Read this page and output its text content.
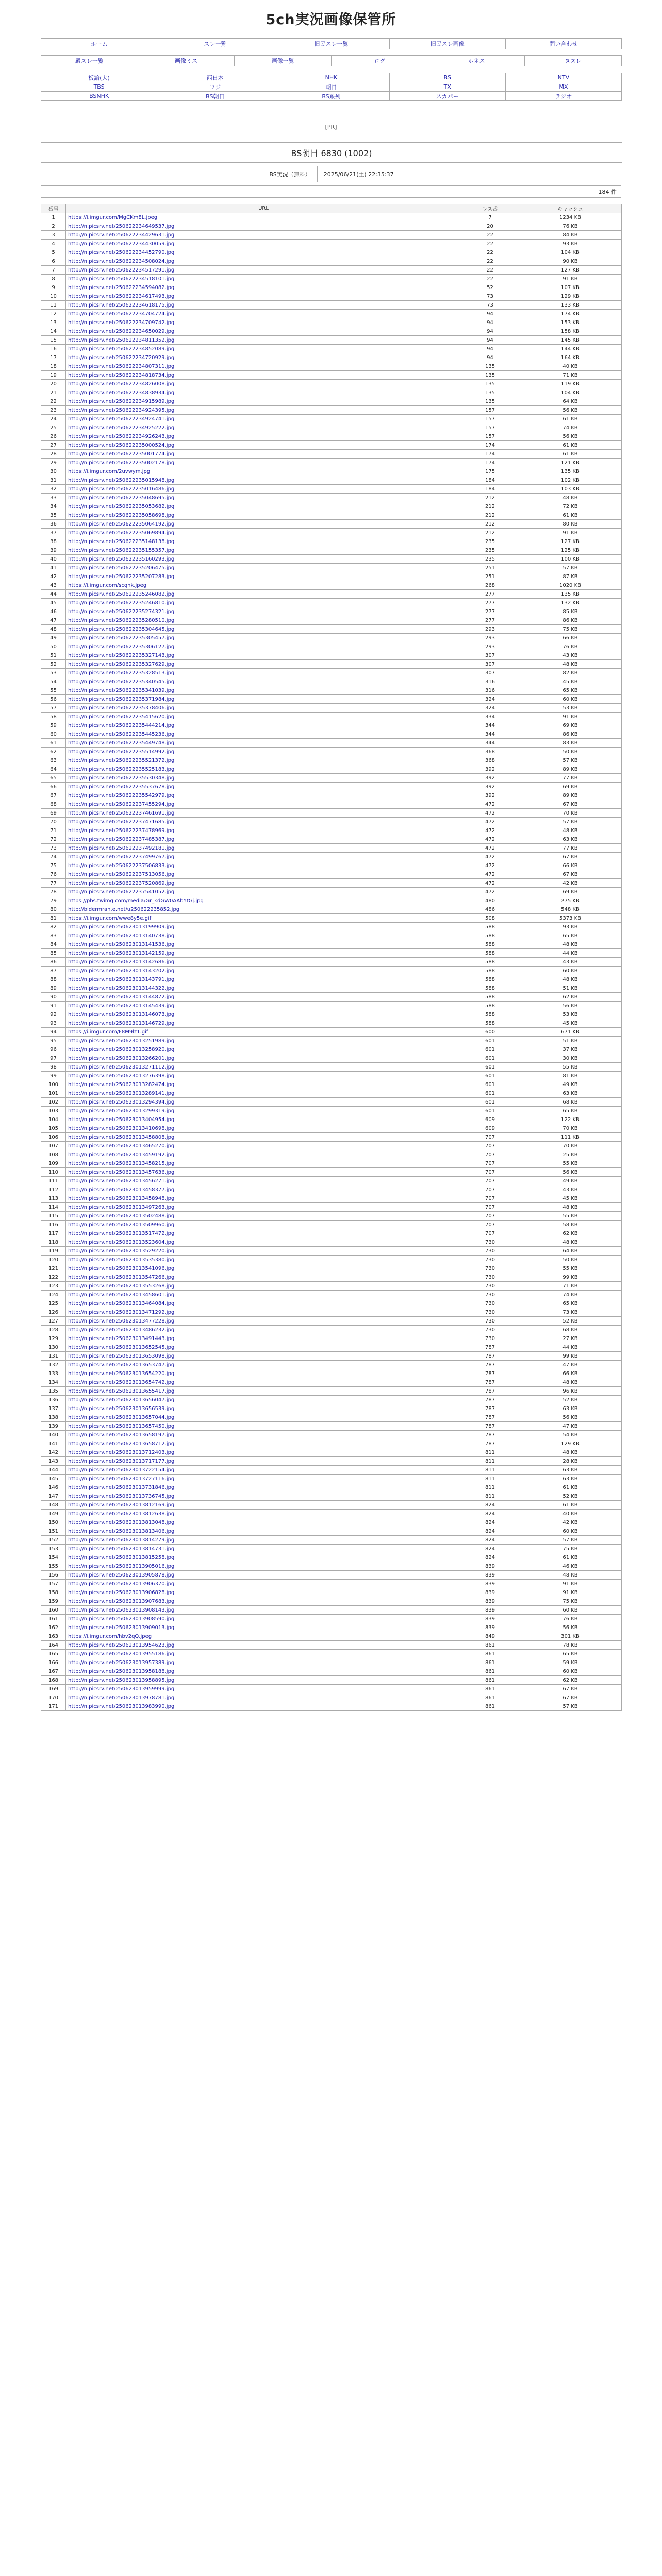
5ch実況画像保管所
ホーム	スレ一覧	旧民スレ一覧	旧民スレ画像	問い合わせ
殿スレ一覧	画像ミス	画像一覧	ログ	ホネス	ヌスレ
板論(大)	西日本	NHK	BS	NTV
TBS	フジ	朝日	TX	MX
BSNHK	BS朝日	BS系列	スカパー	ラジオ
[PR]
BS朝日 6830 (1002)
BS実況（無料） 2025/06/21(土) 22:35:37
184 件
番号	URL	レス番	キャッシュ
1	https://i.imgur.com/MgCKm8L.jpeg	7	1234 KB
2	http://n.picsrv.net/250622234649537.jpg	20	76 KB
3	http://n.picsrv.net/250622234429631.jpg	22	84 KB
4	http://n.picsrv.net/250622234430059.jpg	22	93 KB
5	http://n.picsrv.net/250622234452790.jpg	22	104 KB
6	http://n.picsrv.net/250622234508024.jpg	22	90 KB
7	http://n.picsrv.net/250622234517291.jpg	22	127 KB
8	http://n.picsrv.net/250622234518101.jpg	22	91 KB
9	http://n.picsrv.net/250622234594082.jpg	52	107 KB
10	http://n.picsrv.net/250622234617493.jpg	73	129 KB
11	http://n.picsrv.net/250622234618175.jpg	73	133 KB
12	http://n.picsrv.net/250622234704724.jpg	94	174 KB
13	http://n.picsrv.net/250622234709742.jpg	94	153 KB
14	http://n.picsrv.net/250622234650029.jpg	94	158 KB
15	http://n.picsrv.net/250622234811352.jpg	94	145 KB
16	http://n.picsrv.net/250622234852089.jpg	94	144 KB
17	http://n.picsrv.net/250622234720929.jpg	94	164 KB
18	http://n.picsrv.net/250622234807311.jpg	135	40 KB
19	http://n.picsrv.net/250622234818734.jpg	135	71 KB
20	http://n.picsrv.net/250622234826008.jpg	135	119 KB
21	http://n.picsrv.net/250622234838934.jpg	135	104 KB
22	http://n.picsrv.net/250622234915989.jpg	135	64 KB
23	http://n.picsrv.net/250622234924395.jpg	157	56 KB
24	http://n.picsrv.net/250622234924741.jpg	157	61 KB
25	http://n.picsrv.net/250622234925222.jpg	157	74 KB
26	http://n.picsrv.net/250622234926243.jpg	157	56 KB
27	http://n.picsrv.net/250622235000524.jpg	174	61 KB
28	http://n.picsrv.net/250622235001774.jpg	174	61 KB
29	http://n.picsrv.net/250622235002178.jpg	174	121 KB
30	https://i.imgur.com/2uvwym.jpg	175	135 KB
31	http://n.picsrv.net/250622235015948.jpg	184	102 KB
32	http://n.picsrv.net/250622235016486.jpg	184	103 KB
33	http://n.picsrv.net/250622235048695.jpg	212	48 KB
34	http://n.picsrv.net/250622235053682.jpg	212	72 KB
35	http://n.picsrv.net/250622235058698.jpg	212	61 KB
36	http://n.picsrv.net/250622235064192.jpg	212	80 KB
37	http://n.picsrv.net/250622235069894.jpg	212	91 KB
38	http://n.picsrv.net/250622235148138.jpg	235	127 KB
39	http://n.picsrv.net/250622235155357.jpg	235	125 KB
40	http://n.picsrv.net/250622235160293.jpg	235	100 KB
41	http://n.picsrv.net/250622235206475.jpg	251	57 KB
42	http://n.picsrv.net/250622235207283.jpg	251	87 KB
43	https://i.imgur.com/scqhk.jpeg	268	1020 KB
44	http://n.picsrv.net/250622235246082.jpg	277	135 KB
45	http://n.picsrv.net/250622235246810.jpg	277	132 KB
46	http://n.picsrv.net/250622235274321.jpg	277	85 KB
47	http://n.picsrv.net/250622235280510.jpg	277	86 KB
48	http://n.picsrv.net/250622235304645.jpg	293	75 KB
49	http://n.picsrv.net/250622235305457.jpg	293	66 KB
50	http://n.picsrv.net/250622235306127.jpg	293	76 KB
51	http://n.picsrv.net/250622235327143.jpg	307	43 KB
52	http://n.picsrv.net/250622235327629.jpg	307	48 KB
53	http://n.picsrv.net/250622235328513.jpg	307	82 KB
54	http://n.picsrv.net/250622235340545.jpg	316	45 KB
55	http://n.picsrv.net/250622235341039.jpg	316	65 KB
56	http://n.picsrv.net/250622235371984.jpg	324	60 KB
57	http://n.picsrv.net/250622235378406.jpg	324	53 KB
58	http://n.picsrv.net/250622235415620.jpg	334	91 KB
59	http://n.picsrv.net/250622235444214.jpg	344	69 KB
60	http://n.picsrv.net/250622235445236.jpg	344	86 KB
61	http://n.picsrv.net/250622235449748.jpg	344	83 KB
62	http://n.picsrv.net/250622235514992.jpg	368	50 KB
63	http://n.picsrv.net/250622235521372.jpg	368	57 KB
64	http://n.picsrv.net/250622235525183.jpg	392	89 KB
65	http://n.picsrv.net/250622235530348.jpg	392	77 KB
66	http://n.picsrv.net/250622235537678.jpg	392	69 KB
67	http://n.picsrv.net/250622235542979.jpg	392	89 KB
68	http://n.picsrv.net/250622237455294.jpg	472	67 KB
69	http://n.picsrv.net/250622237461691.jpg	472	70 KB
70	http://n.picsrv.net/250622237471685.jpg	472	57 KB
71	http://n.picsrv.net/250622237478969.jpg	472	48 KB
72	http://n.picsrv.net/250622237485387.jpg	472	63 KB
73	http://n.picsrv.net/250622237492181.jpg	472	77 KB
74	http://n.picsrv.net/250622237499767.jpg	472	67 KB
75	http://n.picsrv.net/250622237506833.jpg	472	66 KB
76	http://n.picsrv.net/250622237513056.jpg	472	67 KB
77	http://n.picsrv.net/250622237520869.jpg	472	42 KB
78	http://n.picsrv.net/250622237541052.jpg	472	69 KB
79	https://pbs.twimg.com/media/Gr_kdGW0AAbYtGj.jpg	480	275 KB
80	http://bidermran.e.net/u250622235852.jpg	486	548 KB
81	https://i.imgur.com/wwe8y5e.gif	508	5373 KB
82	http://n.picsrv.net/250623013199909.jpg	588	93 KB
83	http://n.picsrv.net/250623013140738.jpg	588	65 KB
84	http://n.picsrv.net/250623013141536.jpg	588	48 KB
85	http://n.picsrv.net/250623013142159.jpg	588	44 KB
86	http://n.picsrv.net/250623013142686.jpg	588	43 KB
87	http://n.picsrv.net/250623013143202.jpg	588	60 KB
88	http://n.picsrv.net/250623013143791.jpg	588	48 KB
89	http://n.picsrv.net/250623013144322.jpg	588	51 KB
90	http://n.picsrv.net/250623013144872.jpg	588	62 KB
91	http://n.picsrv.net/250623013145439.jpg	588	56 KB
92	http://n.picsrv.net/250623013146073.jpg	588	53 KB
93	http://n.picsrv.net/250623013146729.jpg	588	45 KB
94	https://i.imgur.com/F8M9lz1.gif	600	671 KB
95	http://n.picsrv.net/250623013251989.jpg	601	51 KB
96	http://n.picsrv.net/250623013258920.jpg	601	37 KB
97	http://n.picsrv.net/250623013266201.jpg	601	30 KB
98	http://n.picsrv.net/250623013271112.jpg	601	55 KB
99	http://n.picsrv.net/250623013276398.jpg	601	81 KB
100	http://n.picsrv.net/250623013282474.jpg	601	49 KB
101	http://n.picsrv.net/250623013289141.jpg	601	63 KB
102	http://n.picsrv.net/250623013294394.jpg	601	68 KB
103	http://n.picsrv.net/250623013299319.jpg	601	65 KB
104	http://n.picsrv.net/250623013404954.jpg	609	122 KB
105	http://n.picsrv.net/250623013410698.jpg	609	70 KB
106	http://n.picsrv.net/250623013458808.jpg	707	111 KB
107	http://n.picsrv.net/250623013465270.jpg	707	70 KB
108	http://n.picsrv.net/250623013459192.jpg	707	25 KB
109	http://n.picsrv.net/250623013458215.jpg	707	55 KB
110	http://n.picsrv.net/250623013457636.jpg	707	56 KB
111	http://n.picsrv.net/250623013456271.jpg	707	49 KB
112	http://n.picsrv.net/250623013458377.jpg	707	43 KB
113	http://n.picsrv.net/250623013458948.jpg	707	45 KB
114	http://n.picsrv.net/250623013497263.jpg	707	48 KB
115	http://n.picsrv.net/250623013502488.jpg	707	55 KB
116	http://n.picsrv.net/250623013509960.jpg	707	58 KB
117	http://n.picsrv.net/250623013517472.jpg	707	62 KB
118	http://n.picsrv.net/250623013523604.jpg	730	48 KB
119	http://n.picsrv.net/250623013529220.jpg	730	64 KB
120	http://n.picsrv.net/250623013535380.jpg	730	50 KB
121	http://n.picsrv.net/250623013541096.jpg	730	55 KB
122	http://n.picsrv.net/250623013547266.jpg	730	99 KB
123	http://n.picsrv.net/250623013553268.jpg	730	71 KB
124	http://n.picsrv.net/250623013458601.jpg	730	74 KB
125	http://n.picsrv.net/250623013464084.jpg	730	65 KB
126	http://n.picsrv.net/250623013471292.jpg	730	73 KB
127	http://n.picsrv.net/250623013477228.jpg	730	52 KB
128	http://n.picsrv.net/250623013486232.jpg	730	68 KB
129	http://n.picsrv.net/250623013491443.jpg	730	27 KB
130	http://n.picsrv.net/250623013652545.jpg	787	44 KB
131	http://n.picsrv.net/250623013653098.jpg	787	99 KB
132	http://n.picsrv.net/250623013653747.jpg	787	47 KB
133	http://n.picsrv.net/250623013654220.jpg	787	66 KB
134	http://n.picsrv.net/250623013654742.jpg	787	48 KB
135	http://n.picsrv.net/250623013655417.jpg	787	96 KB
136	http://n.picsrv.net/250623013656047.jpg	787	52 KB
137	http://n.picsrv.net/250623013656539.jpg	787	63 KB
138	http://n.picsrv.net/250623013657044.jpg	787	56 KB
139	http://n.picsrv.net/250623013657450.jpg	787	47 KB
140	http://n.picsrv.net/250623013658197.jpg	787	54 KB
141	http://n.picsrv.net/250623013658712.jpg	787	129 KB
142	http://n.picsrv.net/250623013712403.jpg	811	48 KB
143	http://n.picsrv.net/250623013717177.jpg	811	28 KB
144	http://n.picsrv.net/250623013722154.jpg	811	63 KB
145	http://n.picsrv.net/250623013727116.jpg	811	63 KB
146	http://n.picsrv.net/250623013731846.jpg	811	61 KB
147	http://n.picsrv.net/250623013736745.jpg	811	52 KB
148	http://n.picsrv.net/250623013812169.jpg	824	61 KB
149	http://n.picsrv.net/250623013812638.jpg	824	40 KB
150	http://n.picsrv.net/250623013813048.jpg	824	42 KB
151	http://n.picsrv.net/250623013813406.jpg	824	60 KB
152	http://n.picsrv.net/250623013814279.jpg	824	57 KB
153	http://n.picsrv.net/250623013814731.jpg	824	75 KB
154	http://n.picsrv.net/250623013815258.jpg	824	61 KB
155	http://n.picsrv.net/250623013905016.jpg	839	46 KB
156	http://n.picsrv.net/250623013905878.jpg	839	48 KB
157	http://n.picsrv.net/250623013906370.jpg	839	91 KB
158	http://n.picsrv.net/250623013906828.jpg	839	91 KB
159	http://n.picsrv.net/250623013907683.jpg	839	75 KB
160	http://n.picsrv.net/250623013908143.jpg	839	60 KB
161	http://n.picsrv.net/250623013908590.jpg	839	76 KB
162	http://n.picsrv.net/250623013909013.jpg	839	56 KB
163	https://i.imgur.com/hbv2qQ.jpeg	849	301 KB
164	http://n.picsrv.net/250623013954623.jpg	861	78 KB
165	http://n.picsrv.net/250623013955186.jpg	861	65 KB
166	http://n.picsrv.net/250623013957389.jpg	861	59 KB
167	http://n.picsrv.net/250623013958188.jpg	861	60 KB
168	http://n.picsrv.net/250623013958895.jpg	861	62 KB
169	http://n.picsrv.net/250623013959999.jpg	861	67 KB
170	http://n.picsrv.net/250623013978781.jpg	861	67 KB
171	http://n.picsrv.net/250623013983990.jpg	861	57 KB
